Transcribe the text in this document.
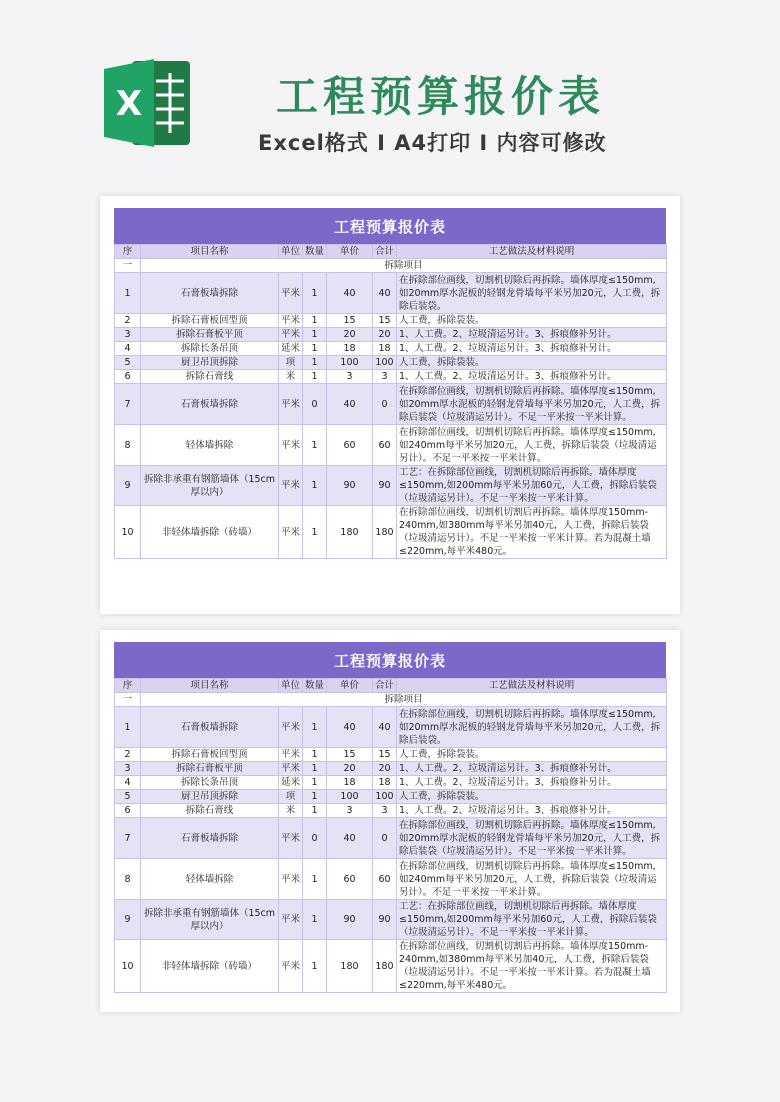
X	工程预算报价表
Excel格式 I A4打印 I 内容可修改
工程预算报价表
序	项目名称	单位	数量	单价	合计	工艺做法及材料说明
一	拆除项目					
1	石膏板墙拆除	平米	1	40	40	在拆除部位画线，切割机切除后再拆除。墙体厚度≤150mm,如20mm厚水泥板的轻钢龙骨墙每平米另加20元，人工费，拆除后装袋。
2	拆除石膏板回型顶	平米	1	15	15	人工费，拆除袋装。
3	拆除石膏板平顶	平米	1	20	20	1、人工费。2、垃圾清运另计。3、拆痕修补另计。
4	拆除长条吊顶	延米	1	18	18	1、人工费。2、垃圾清运另计。3、拆痕修补另计。
5	厨卫吊顶拆除	项	1	100	100	人工费，拆除袋装。
6	拆除石膏线	米	1	3	3	1、人工费。2、垃圾清运另计。3、拆痕修补另计。
7	石膏板墙拆除	平米	0	40	0	在拆除部位画线，切割机切除后再拆除。墙体厚度≤150mm,如20mm厚水泥板的轻钢龙骨墙每平米另加20元，人工费，拆除后装袋（垃圾清运另计）。不足一平米按一平米计算。
8	轻体墙拆除	平米	1	60	60	在拆除部位画线，切割机切除后再拆除。墙体厚度≤150mm,如240mm每平米另加20元，人工费，拆除后装袋（垃圾清运另计）。不足一平米按一平米计算。
9	拆除非承重有钢筋墙体（15cm厚以内）	平米	1	90	90	工艺：在拆除部位画线，切割机切除后再拆除。墙体厚度≤150mm,如200mm每平米另加60元，人工费，拆除后装袋（垃圾清运另计）。不足一平米按一平米计算。
10	非轻体墙拆除（砖墙）	平米	1	180	180	在拆除部位画线，切割机切割后再拆除。墙体厚度150mm-240mm,如380mm每平米另加40元，人工费，拆除后装袋（垃圾清运另计）。不足一平米按一平米计算。若为混凝土墙≤220mm,每平米480元。
工程预算报价表
序	项目名称	单位	数量	单价	合计	工艺做法及材料说明
一	拆除项目					
1	石膏板墙拆除	平米	1	40	40	在拆除部位画线，切割机切除后再拆除。墙体厚度≤150mm,如20mm厚水泥板的轻钢龙骨墙每平米另加20元，人工费，拆除后装袋。
2	拆除石膏板回型顶	平米	1	15	15	人工费，拆除袋装。
3	拆除石膏板平顶	平米	1	20	20	1、人工费。2、垃圾清运另计。3、拆痕修补另计。
4	拆除长条吊顶	延米	1	18	18	1、人工费。2、垃圾清运另计。3、拆痕修补另计。
5	厨卫吊顶拆除	项	1	100	100	人工费，拆除袋装。
6	拆除石膏线	米	1	3	3	1、人工费。2、垃圾清运另计。3、拆痕修补另计。
7	石膏板墙拆除	平米	0	40	0	在拆除部位画线，切割机切除后再拆除。墙体厚度≤150mm,如20mm厚水泥板的轻钢龙骨墙每平米另加20元，人工费，拆除后装袋（垃圾清运另计）。不足一平米按一平米计算。
8	轻体墙拆除	平米	1	60	60	在拆除部位画线，切割机切除后再拆除。墙体厚度≤150mm,如240mm每平米另加20元，人工费，拆除后装袋（垃圾清运另计）。不足一平米按一平米计算。
9	拆除非承重有钢筋墙体（15cm厚以内）	平米	1	90	90	工艺：在拆除部位画线，切割机切除后再拆除。墙体厚度≤150mm,如200mm每平米另加60元，人工费，拆除后装袋（垃圾清运另计）。不足一平米按一平米计算。
10	非轻体墙拆除（砖墙）	平米	1	180	180	在拆除部位画线，切割机切割后再拆除。墙体厚度150mm-240mm,如380mm每平米另加40元，人工费，拆除后装袋（垃圾清运另计）。不足一平米按一平米计算。若为混凝土墙≤220mm,每平米480元。
